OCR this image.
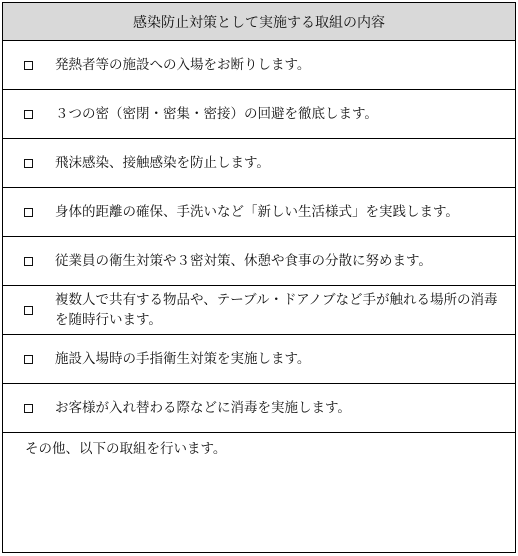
感染防止対策として実施する取組の内容
発熱者等の施設への入場をお断りします。
３つの密（密閉・密集・密接）の回避を徹底します。
飛沫感染、接触感染を防止します。
身体的距離の確保、手洗いなど「新しい生活様式」を実践します。
従業員の衛生対策や３密対策、休憩や食事の分散に努めます。
複数人で共有する物品や、テーブル・ドアノブなど手が触れる場所の消毒を随時行います。
施設入場時の手指衛生対策を実施します。
お客様が入れ替わる際などに消毒を実施します。
その他、以下の取組を行います。
